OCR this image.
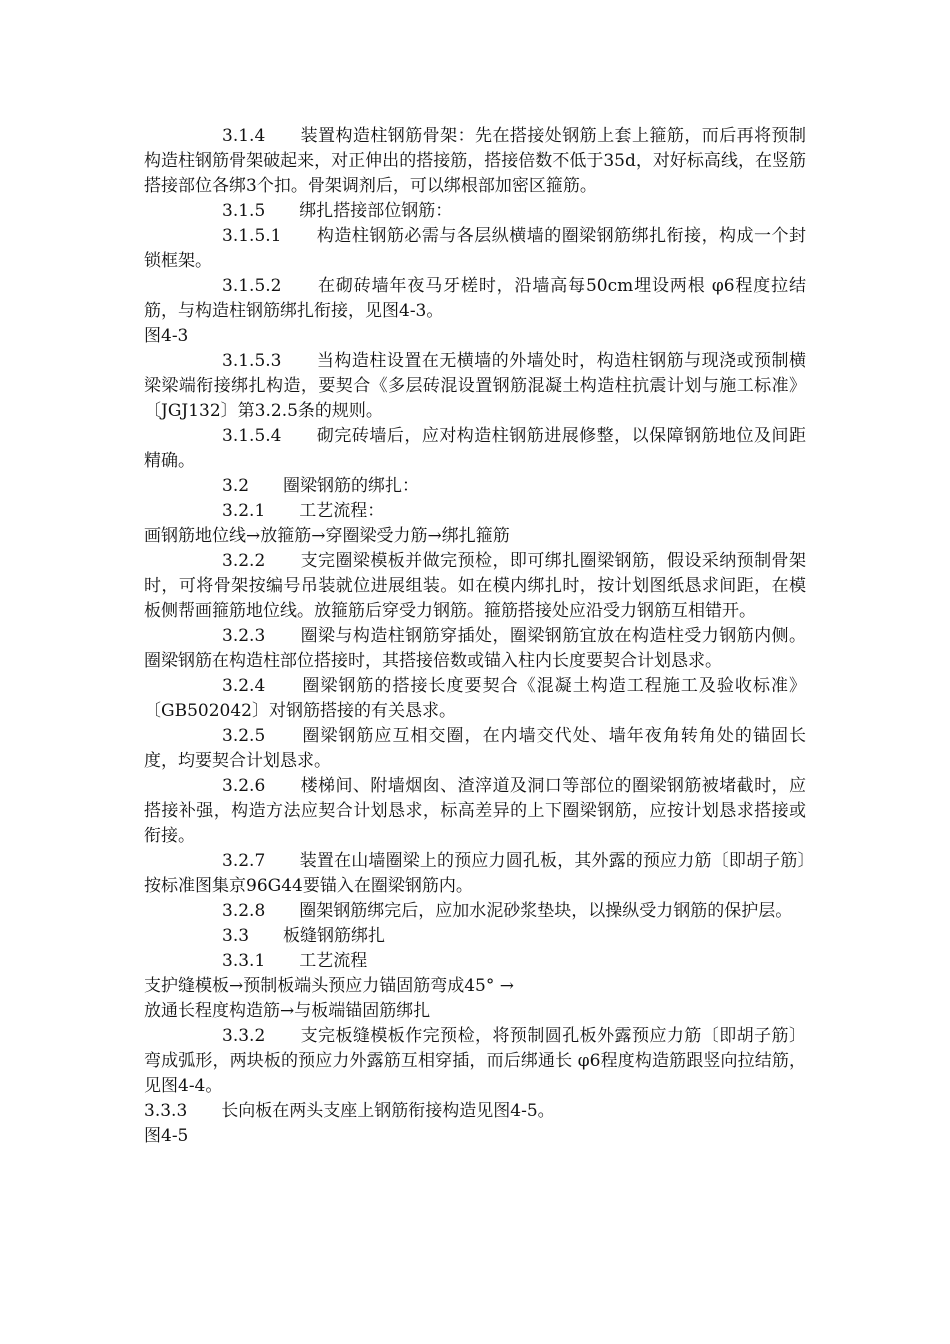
3.1.4　　装置构造柱钢筋骨架：先在搭接处钢筋上套上箍筋，而后再将预制构造柱钢筋骨架破起来，对正伸出的搭接筋，搭接倍数不低于35d，对好标高线，在竖筋搭接部位各绑3个扣。骨架调剂后，可以绑根部加密区箍筋。

3.1.5　　绑扎搭接部位钢筋：

3.1.5.1　　构造柱钢筋必需与各层纵横墙的圈梁钢筋绑扎衔接，构成一个封锁框架。

3.1.5.2　　在砌砖墙年夜马牙槎时，沿墙高每50cm埋设两根 φ6程度拉结筋，与构造柱钢筋绑扎衔接，见图4-3。

图4-3

3.1.5.3　　当构造柱设置在无横墙的外墙处时，构造柱钢筋与现浇或预制横梁梁端衔接绑扎构造，要契合《多层砖混设置钢筋混凝土构造柱抗震计划与施工标准》〔JGJ132〕第3.2.5条的规则。

3.1.5.4　　砌完砖墙后，应对构造柱钢筋进展修整，以保障钢筋地位及间距精确。

3.2　　圈梁钢筋的绑扎：

3.2.1　　工艺流程：

画钢筋地位线→放箍筋→穿圈梁受力筋→绑扎箍筋

3.2.2　　支完圈梁模板并做完预检，即可绑扎圈梁钢筋，假设采纳预制骨架时，可将骨架按编号吊装就位进展组装。如在模内绑扎时，按计划图纸恳求间距，在模板侧帮画箍筋地位线。放箍筋后穿受力钢筋。箍筋搭接处应沿受力钢筋互相错开。

3.2.3　　圈梁与构造柱钢筋穿插处，圈梁钢筋宜放在构造柱受力钢筋内侧。圈梁钢筋在构造柱部位搭接时，其搭接倍数或锚入柱内长度要契合计划恳求。

3.2.4　　圈梁钢筋的搭接长度要契合《混凝土构造工程施工及验收标准》〔GB502042〕对钢筋搭接的有关恳求。

3.2.5　　圈梁钢筋应互相交圈，在内墙交代处、墙年夜角转角处的锚固长度，均要契合计划恳求。

3.2.6　　楼梯间、附墙烟囱、渣滓道及洞口等部位的圈梁钢筋被堵截时，应搭接补强，构造方法应契合计划恳求，标高差异的上下圈梁钢筋，应按计划恳求搭接或衔接。

3.2.7　　装置在山墙圈梁上的预应力圆孔板，其外露的预应力筋〔即胡子筋〕按标准图集京96G44要锚入在圈梁钢筋内。

3.2.8　　圈架钢筋绑完后，应加水泥砂浆垫块，以操纵受力钢筋的保护层。

3.3　　板缝钢筋绑扎

3.3.1　　工艺流程

支护缝模板→预制板端头预应力锚固筋弯成45° →

放通长程度构造筋→与板端锚固筋绑扎

3.3.2　　支完板缝模板作完预检，将预制圆孔板外露预应力筋〔即胡子筋〕弯成弧形，两块板的预应力外露筋互相穿插，而后绑通长 φ6程度构造筋跟竖向拉结筋，见图4-4。

3.3.3　　长向板在两头支座上钢筋衔接构造见图4-5。

图4-5
